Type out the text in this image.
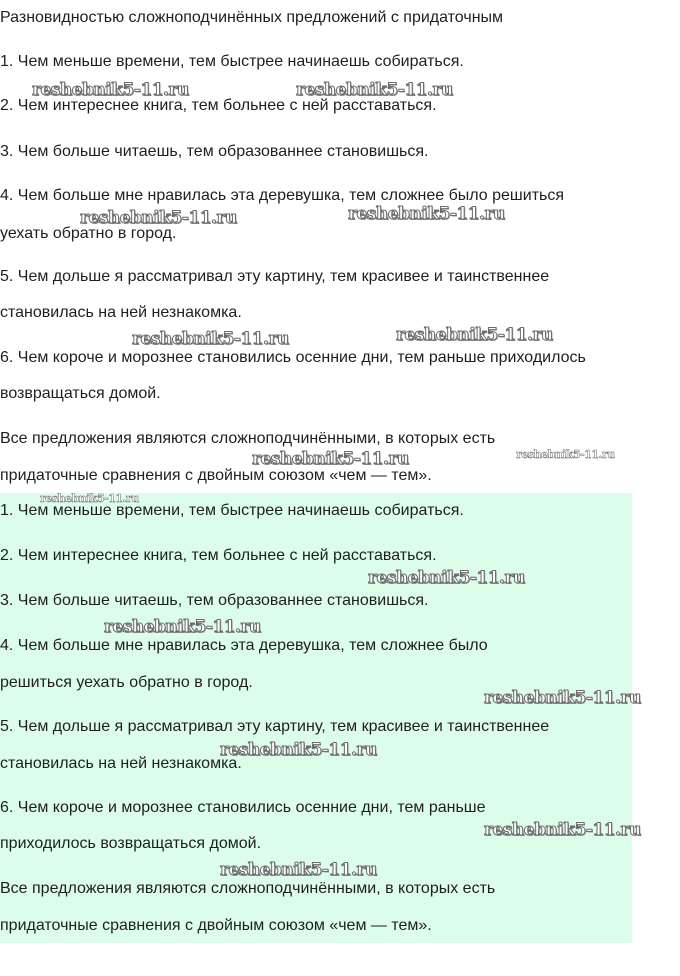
Разновидностью сложноподчинённых предложений с придаточным
1. Чем меньше времени, тем быстрее начинаешь собираться.
2. Чем интереснее книга, тем больнее с ней расставаться.
3. Чем больше читаешь, тем образованнее становишься.
4. Чем больше мне нравилась эта деревушка, тем сложнее было решиться
уехать обратно в город.
5. Чем дольше я рассматривал эту картину, тем красивее и таинственнее
становилась на ней незнакомка.
6. Чем короче и морознее становились осенние дни, тем раньше приходилось
возвращаться домой.
Все предложения являются сложноподчинёнными, в которых есть
придаточные сравнения с двойным союзом «чем — тем».
1. Чем меньше времени, тем быстрее начинаешь собираться.
2. Чем интереснее книга, тем больнее с ней расставаться.
3. Чем больше читаешь, тем образованнее становишься.
4. Чем больше мне нравилась эта деревушка, тем сложнее было
решиться уехать обратно в город.
5. Чем дольше я рассматривал эту картину, тем красивее и таинственнее
становилась на ней незнакомка.
6. Чем короче и морознее становились осенние дни, тем раньше
приходилось возвращаться домой.
Все предложения являются сложноподчинёнными, в которых есть
придаточные сравнения с двойным союзом «чем — тем».
reshebnik5-11.ru	reshebnik5-11.ru
reshebnik5-11.ru	reshebnik5-11.ru
reshebnik5-11.ru	reshebnik5-11.ru
reshebnik5-11.ru	reshebnik5-11.ru
reshebnik5-11.ru
reshebnik5-11.ru
reshebnik5-11.ru
reshebnik5-11.ru
reshebnik5-11.ru
reshebnik5-11.ru
reshebnik5-11.ru
